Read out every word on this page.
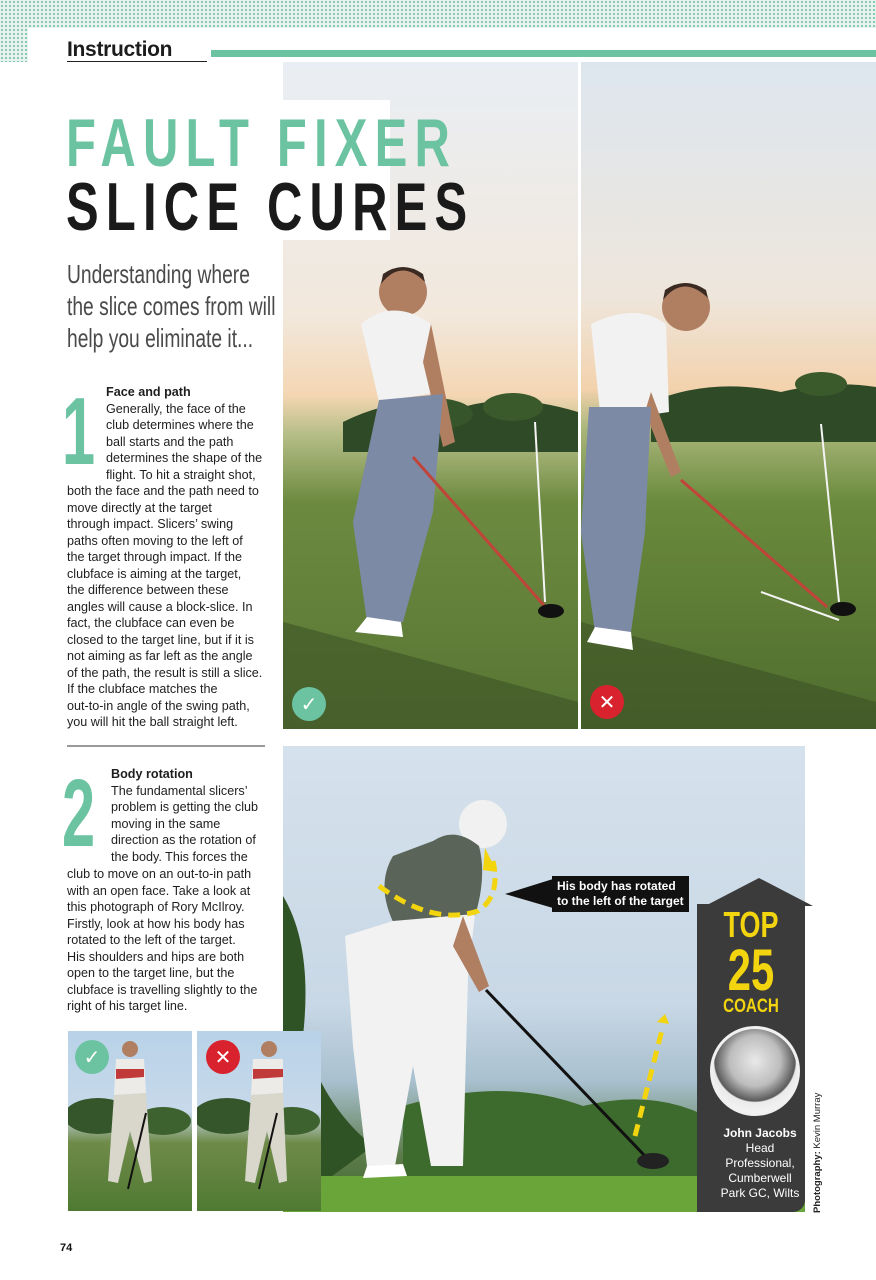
Instruction
✓	✕
FAULT FIXER
SLICE CURES
Understanding where
the slice comes from will
help you eliminate it...
1 Face and path
Generally, the face of the
club determines where the
ball starts and the path
determines the shape of the
flight. To hit a straight shot,
both the face and the path need to
move directly at the target
through impact. Slicers’ swing
paths often moving to the left of
the target through impact. If the
clubface is aiming at the target,
the difference between these
angles will cause a block-slice. In
fact, the clubface can even be
closed to the target line, but if it is
not aiming as far left as the angle
of the path, the result is still a slice.
If the clubface matches the
out-to-in angle of the swing path,
you will hit the ball straight left.
2 Body rotation
The fundamental slicers’
problem is getting the club
moving in the same
direction as the rotation of
the body. This forces the
club to move on an out-to-in path
with an open face. Take a look at
this photograph of Rory McIlroy.
Firstly, look at how his body has
rotated to the left of the target.
His shoulders and hips are both
open to the target line, but the
clubface is travelling slightly to the
right of his target line.
His body has rotated
to the left of the target
✓	✕
TOP
25
COACH
John Jacobs
Head
Professional,
Cumberwell
Park GC, Wilts	Photography: Kevin Murray
74
